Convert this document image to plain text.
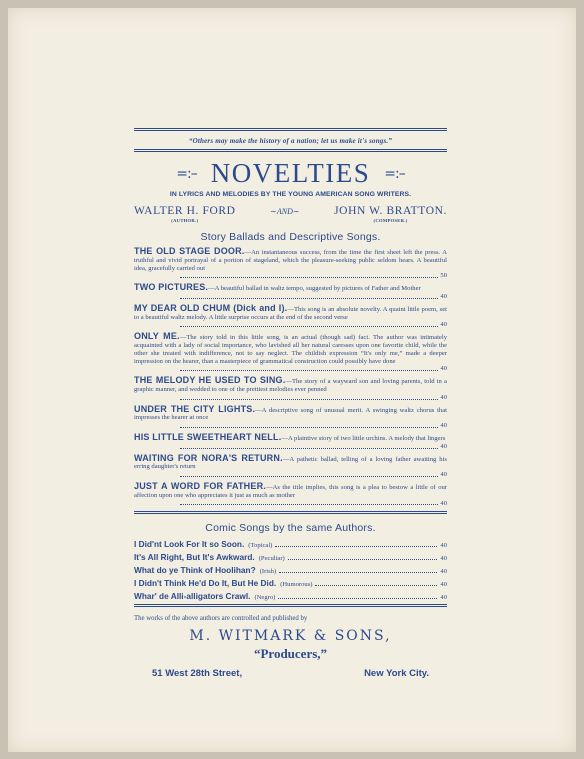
“Others may make the history of a nation; let us make it's songs.”
=:– NOVELTIES =:–
IN LYRICS AND MELODIES BY THE YOUNG AMERICAN SONG WRITERS.
WALTER H. FORD
(AUTHOR.)
∼AND∼	JOHN W. BRATTON.
(COMPOSER.)
Story Ballads and Descriptive Songs.
THE OLD STAGE DOOR.—An instantaneous success, from the time the first sheet left the press. A truthful and vivid portrayal of a portion of stageland, which the pleasure-seeking public seldom hears. A beautiful idea, gracefully carried out
50
TWO PICTURES.—A beautiful ballad in waltz tempo, suggested by pictures of Father and Mother
40
MY DEAR OLD CHUM (Dick and I).—This song is an absolute novelty. A quaint little poem, set to a beautiful waltz melody. A little surprise occurs at the end of the second verse
40
ONLY ME.—The story told in this little song, is an actual (though sad) fact. The author was intimately acquainted with a lady of social importance, who lavished all her natural caresses upon one favorite child, while the other she treated with indifference, not to say neglect. The childish expression “It's only me,” made a deeper impression on the hearer, than a masterpiece of grammatical construction could possibly have done
40
THE MELODY HE USED TO SING.—The story of a wayward son and loving parents, told in a graphic manner, and wedded to one of the prettiest melodies ever penned
40
UNDER THE CITY LIGHTS.—A descriptive song of unusual merit. A swinging waltz chorus that impresses the hearer at once
40
HIS LITTLE SWEETHEART NELL.—A plaintive story of two little urchins. A melody that lingers
40
WAITING FOR NORA'S RETURN.—A pathetic ballad, telling of a loving father awaiting his erring daughter's return
40
JUST A WORD FOR FATHER.—As the title implies, this song is a plea to bestow a little of our affection upon one who appreciates it just as much as mother
40
Comic Songs by the same Authors.
I Did'nt Look For It so Soon. (Topical)	40
It's All Right, But It's Awkward. (Peculiar)	40
What do ye Think of Hoolihan? (Irish)	40
I Didn't Think He'd Do It, But He Did. (Humorous)	40
Whar' de Alli-alligators Crawl. (Negro)	40
The works of the above authors are controlled and published by
M. WITMARK & SONS,
“Producers,”
51 West 28th Street,	New York City.
